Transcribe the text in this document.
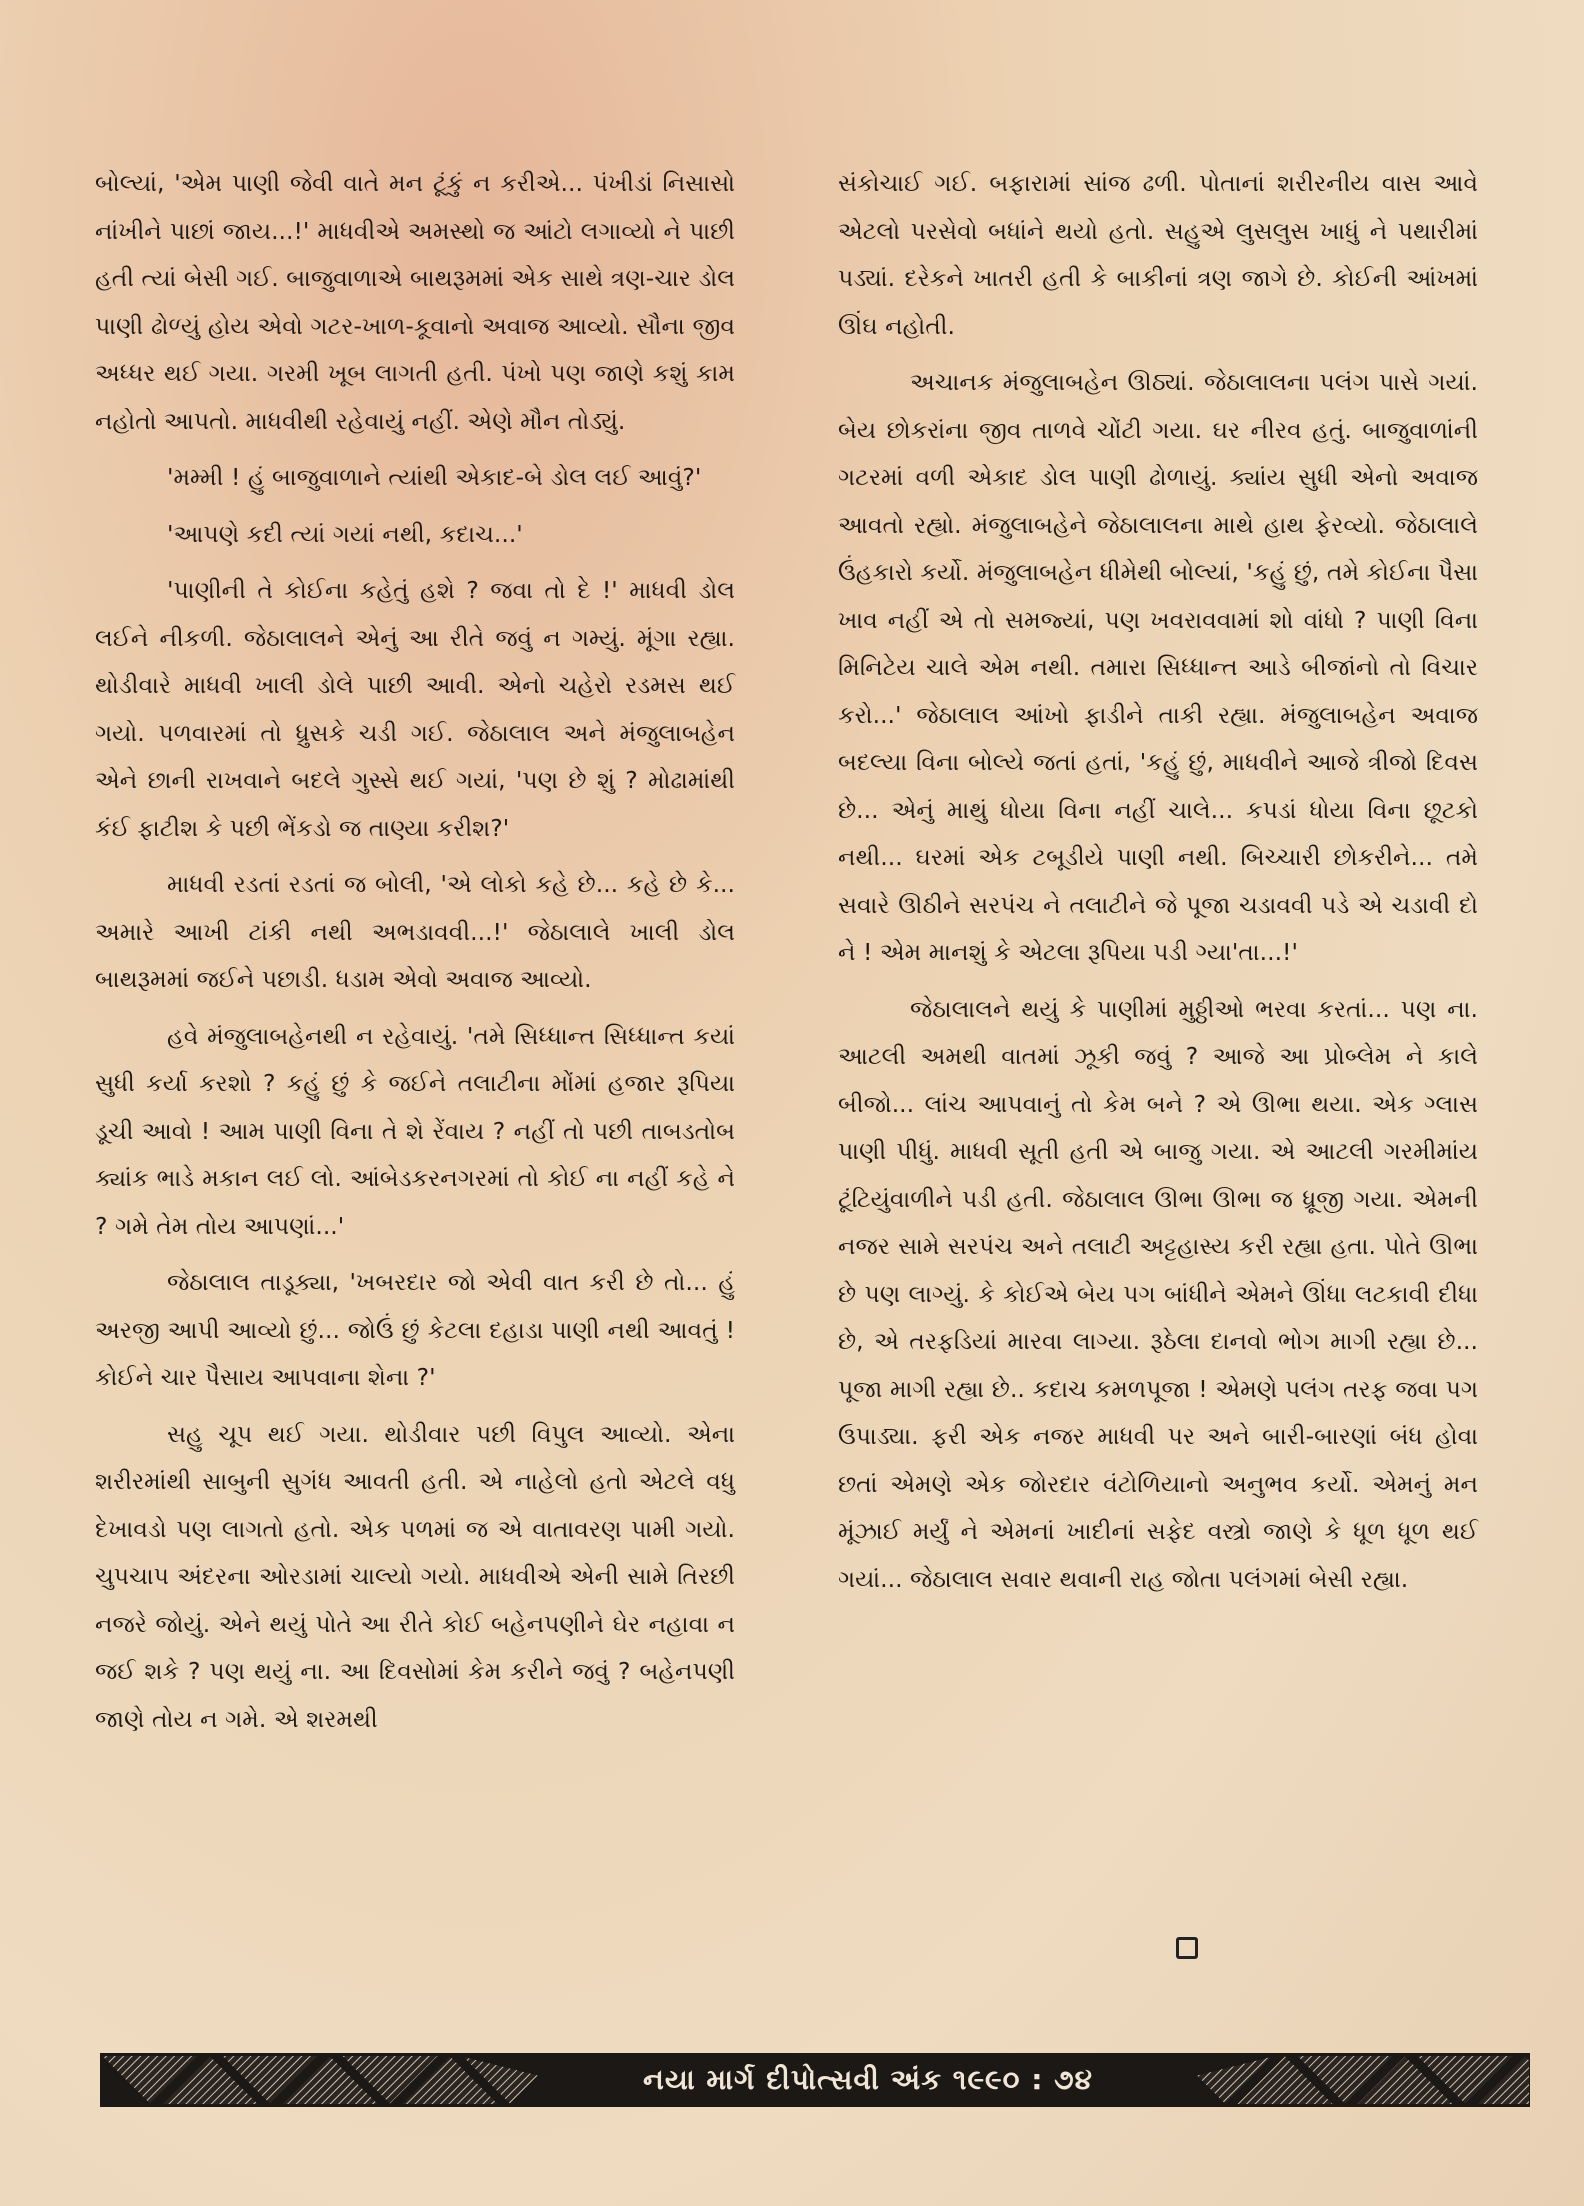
બોલ્યાં, 'એમ પાણી જેવી વાતે મન ટૂંકું ન કરીએ... પંખીડાં નિસાસો નાંખીને પાછાં જાય...!' માધવીએ અમસ્થો જ આંટો લગાવ્યો ને પાછી હતી ત્યાં બેસી ગઈ. બાજુવાળાએ બાથરૂમમાં એક સાથે ત્રણ-ચાર ડોલ પાણી ઢોળ્યું હોય એવો ગટર-ખાળ-કૂવાનો અવાજ આવ્યો. સૌના જીવ અધ્ધર થઈ ગયા. ગરમી ખૂબ લાગતી હતી. પંખો પણ જાણે કશું કામ નહોતો આપતો. માધવીથી રહેવાયું નહીં. એણે મૌન તોડ્યું.

'મમ્મી ! હું બાજુવાળાને ત્યાંથી એકાદ-બે ડોલ લઈ આવું?'

'આપણે કદી ત્યાં ગયાં નથી, કદાચ...'

'પાણીની તે કોઈના કહેતું હશે ? જવા તો દે !' માધવી ડોલ લઈને નીકળી. જેઠાલાલને એનું આ રીતે જવું ન ગમ્યું. મૂંગા રહ્યા. થોડીવારે માધવી ખાલી ડોલે પાછી આવી. એનો ચહેરો રડમસ થઈ ગયો. પળવારમાં તો ધ્રુસકે ચડી ગઈ. જેઠાલાલ અને મંજુલાબહેન એને છાની રાખવાને બદલે ગુસ્સે થઈ ગયાં, 'પણ છે શું ? મોઢામાંથી કંઈ ફાટીશ કે પછી ભેંકડો જ તાણ્યા કરીશ?'

માધવી રડતાં રડતાં જ બોલી, 'એ લોકો કહે છે... કહે છે કે... અમારે આખી ટાંકી નથી અભડાવવી...!' જેઠાલાલે ખાલી ડોલ બાથરૂમમાં જઈને પછાડી. ધડામ એવો અવાજ આવ્યો.

હવે મંજુલાબહેનથી ન રહેવાયું. 'તમે સિધ્ધાન્ત સિધ્ધાન્ત કયાં સુધી કર્યા કરશો ? કહું છું કે જઈને તલાટીના મોંમાં હજાર રૂપિયા ડૂચી આવો ! આમ પાણી વિના તે શે રેંવાય ? નહીં તો પછી તાબડતોબ ક્યાંક ભાડે મકાન લઈ લો. આંબેડકરનગરમાં તો કોઈ ના નહીં કહે ને ? ગમે તેમ તોય આપણાં...'

જેઠાલાલ તાડૂક્યા, 'ખબરદાર જો એવી વાત કરી છે તો... હું અરજી આપી આવ્યો છું... જોઉં છું કેટલા દહાડા પાણી નથી આવતું ! કોઈને ચાર પૈસાય આપવાના શેના ?'

સહુ ચૂપ થઈ ગયા. થોડીવાર પછી વિપુલ આવ્યો. એના શરીરમાંથી સાબુની સુગંધ આવતી હતી. એ નાહેલો હતો એટલે વધુ દેખાવડો પણ લાગતો હતો. એક પળમાં જ એ વાતાવરણ પામી ગયો. ચુપચાપ અંદરના ઓરડામાં ચાલ્યો ગયો. માધવીએ એની સામે તિરછી નજરે જોયું. એને થયું પોતે આ રીતે કોઈ બહેનપણીને ઘેર નહાવા ન જઈ શકે ? પણ થયું ના. આ દિવસોમાં કેમ કરીને જવું ? બહેનપણી જાણે તોય ન ગમે. એ શરમથી

સંકોચાઈ ગઈ. બફારામાં સાંજ ઢળી. પોતાનાં શરીરનીય વાસ આવે એટલો પરસેવો બધાંને થયો હતો. સહુએ લુસલુસ ખાધું ને પથારીમાં પડ્યાં. દરેકને ખાતરી હતી કે બાકીનાં ત્રણ જાગે છે. કોઈની આંખમાં ઊંઘ નહોતી.

અચાનક મંજુલાબહેન ઊઠ્યાં. જેઠાલાલના પલંગ પાસે ગયાં. બેય છોકરાંના જીવ તાળવે ચોંટી ગયા. ઘર નીરવ હતું. બાજુવાળાંની ગટરમાં વળી એકાદ ડોલ પાણી ઢોળાયું. ક્યાંય સુધી એનો અવાજ આવતો રહ્યો. મંજુલાબહેને જેઠાલાલના માથે હાથ ફેરવ્યો. જેઠાલાલે ઉંહકારો કર્યો. મંજુલાબહેન ધીમેથી બોલ્યાં, 'કહું છું, તમે કોઈના પૈસા ખાવ નહીં એ તો સમજ્યાં, પણ ખવરાવવામાં શો વાંધો ? પાણી વિના મિનિટેય ચાલે એમ નથી. તમારા સિધ્ધાન્ત આડે બીજાંનો તો વિચાર કરો...' જેઠાલાલ આંખો ફાડીને તાકી રહ્યા. મંજુલાબહેન અવાજ બદલ્યા વિના બોલ્યે જતાં હતાં, 'કહું છું, માધવીને આજે ત્રીજો દિવસ છે... એનું માથું ધોયા વિના નહીં ચાલે... કપડાં ધોયા વિના છૂટકો નથી... ઘરમાં એક ટબૂડીયે પાણી નથી. બિચ્ચારી છોકરીને... તમે સવારે ઊઠીને સરપંચ ને તલાટીને જે પૂજા ચડાવવી પડે એ ચડાવી દો ને ! એમ માનશું કે એટલા રૂપિયા પડી ગ્યા'તા...!'

જેઠાલાલને થયું કે પાણીમાં મુઠ્ઠીઓ ભરવા કરતાં... પણ ના. આટલી અમથી વાતમાં ઝૂકી જવું ? આજે આ પ્રોબ્લેમ ને કાલે બીજો... લાંચ આપવાનું તો કેમ બને ? એ ઊભા થયા. એક ગ્લાસ પાણી પીધું. માધવી સૂતી હતી એ બાજુ ગયા. એ આટલી ગરમીમાંય ટૂંટિયુંવાળીને પડી હતી. જેઠાલાલ ઊભા ઊભા જ ધ્રૂજી ગયા. એમની નજર સામે સરપંચ અને તલાટી અટ્ટહાસ્ય કરી રહ્યા હતા. પોતે ઊભા છે પણ લાગ્યું. કે કોઈએ બેય પગ બાંધીને એમને ઊંધા લટકાવી દીધા છે, એ તરફડિયાં મારવા લાગ્યા. રૂઠેલા દાનવો ભોગ માગી રહ્યા છે... પૂજા માગી રહ્યા છે.. કદાચ કમળપૂજા ! એમણે પલંગ તરફ જવા પગ ઉપાડ્યા. ફરી એક નજર માધવી પર અને બારી-બારણાં બંધ હોવા છતાં એમણે એક જોરદાર વંટોળિયાનો અનુભવ કર્યો. એમનું મન મૂંઝાઈ મર્યું ને એમનાં ખાદીનાં સફેદ વસ્ત્રો જાણે કે ધૂળ ધૂળ થઈ ગયાં... જેઠાલાલ સવાર થવાની રાહ જોતા પલંગમાં બેસી રહ્યા.

નયા માર્ગ દીપોત્સવી અંક ૧૯૯૦ : ૭૪
